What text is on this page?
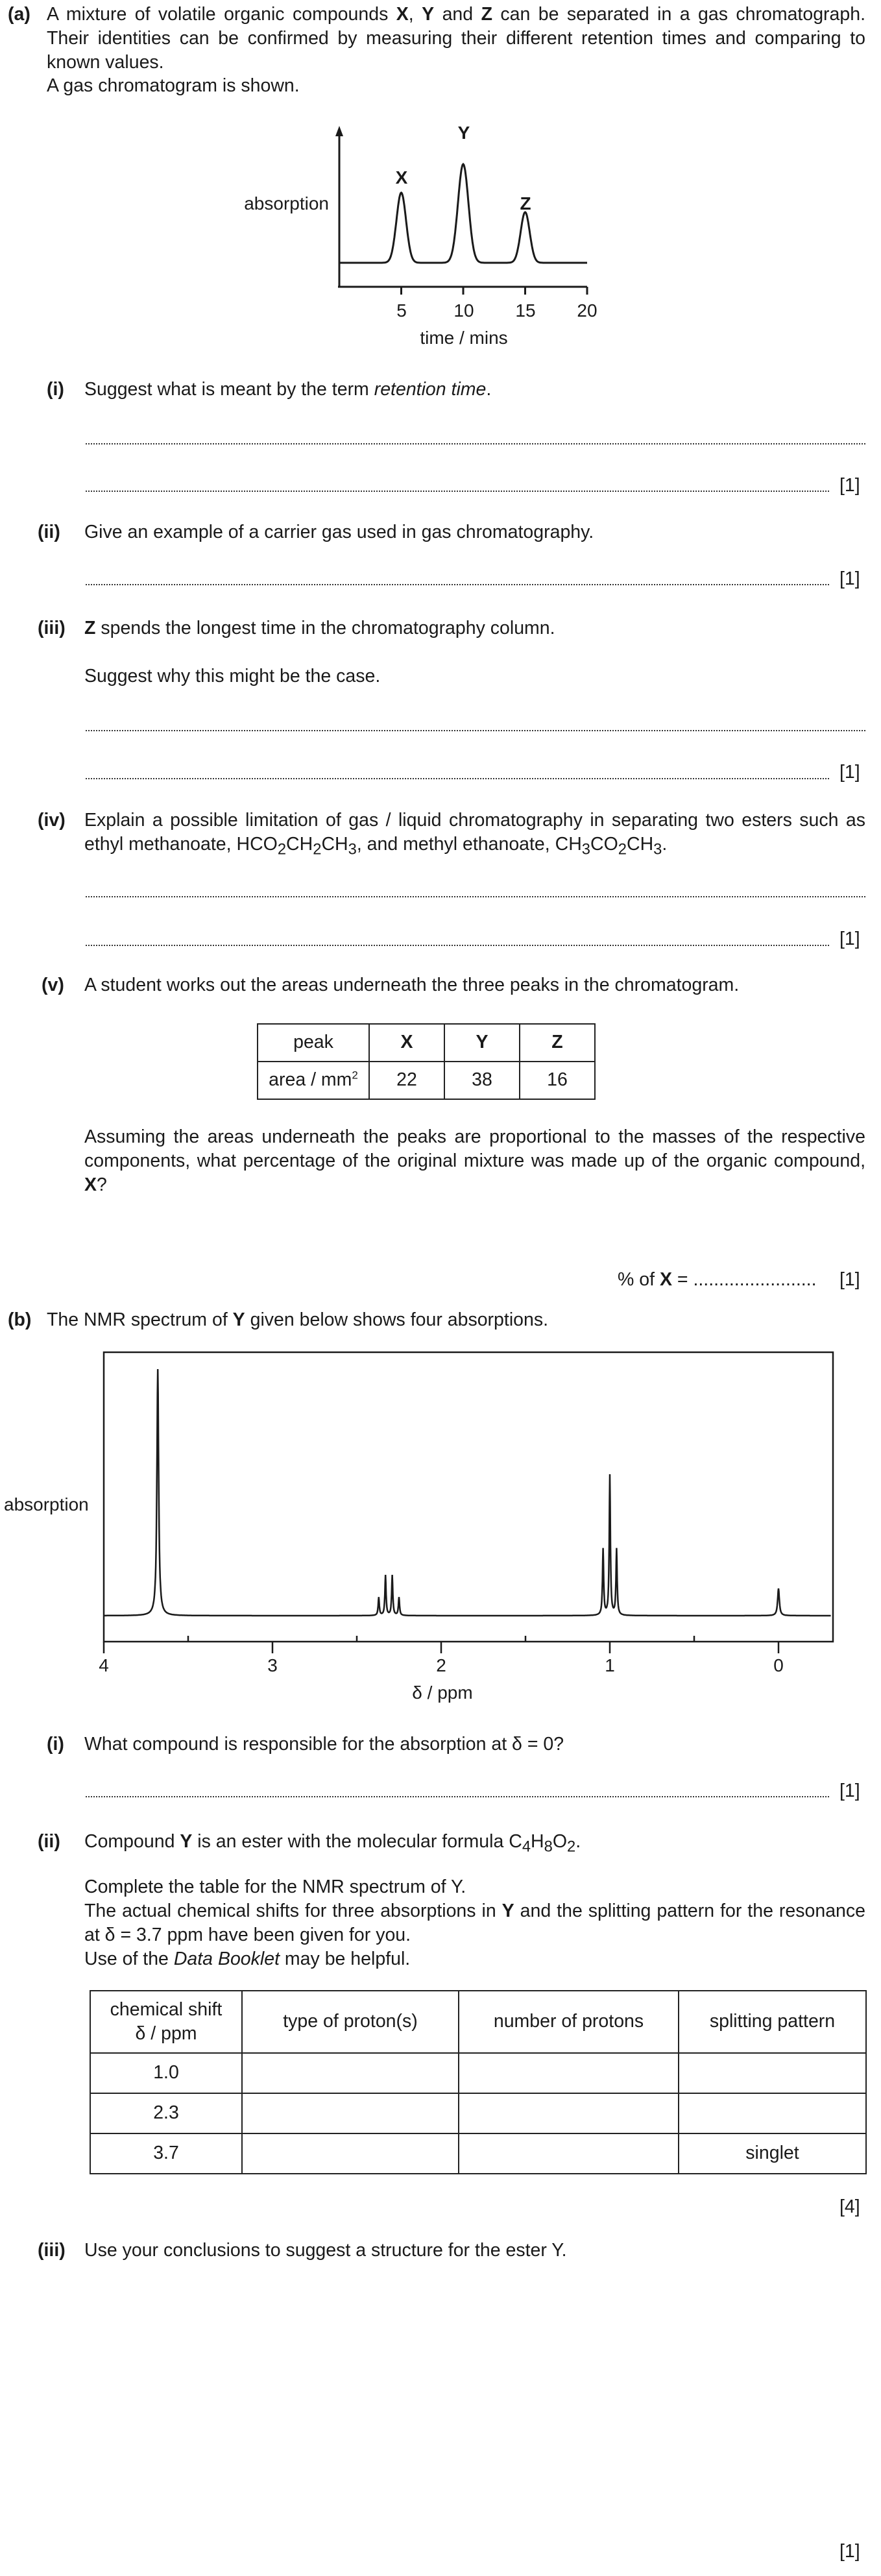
(a) A mixture of volatile organic compounds X, Y and Z can be separated in a gas chromatograph. Their identities can be confirmed by measuring their different retention times and comparing to known values.
A gas chromatogram is shown.
absorption
time / mins
5	10 15 20
X
Y
Z
(i) Suggest what is meant by the term retention time.
[1]
(ii) Give an example of a carrier gas used in gas chromatography.
[1]
(iii) Z spends the longest time in the chromatography column.
Suggest why this might be the case.
[1]
(iv) Explain a possible limitation of gas / liquid chromatography in separating two esters such as ethyl methanoate, $HCO_2CH_2CH_3$, and methyl ethanoate, $CH_3CO_2CH_3$.
[1]
(v) A student works out the areas underneath the three peaks in the chromatogram.
peak	X	Y	Z
area / $mm^2$	22	38	16
Assuming the areas underneath the peaks are proportional to the masses of the respective components, what percentage of the original mixture was made up of the organic compound, X?
% of X = ........................ [1]
(b) The NMR spectrum of Y given below shows four absorptions.
absorption
4	3	2	1	0
δ / ppm
(i) What compound is responsible for the absorption at δ = 0?
[1]
(ii) Compound Y is an ester with the molecular formula $C_4H_8O_2$.
Complete the table for the NMR spectrum of Y.
The actual chemical shifts for three absorptions in Y and the splitting pattern for the resonance at δ = 3.7 ppm have been given for you.
Use of the Data Booklet may be helpful.
chemical shift
δ / ppm	type of proton(s)	number of protons	splitting pattern
1.0			
2.3			
3.7			singlet
[4]
(iii) Use your conclusions to suggest a structure for the ester Y.
[1]
